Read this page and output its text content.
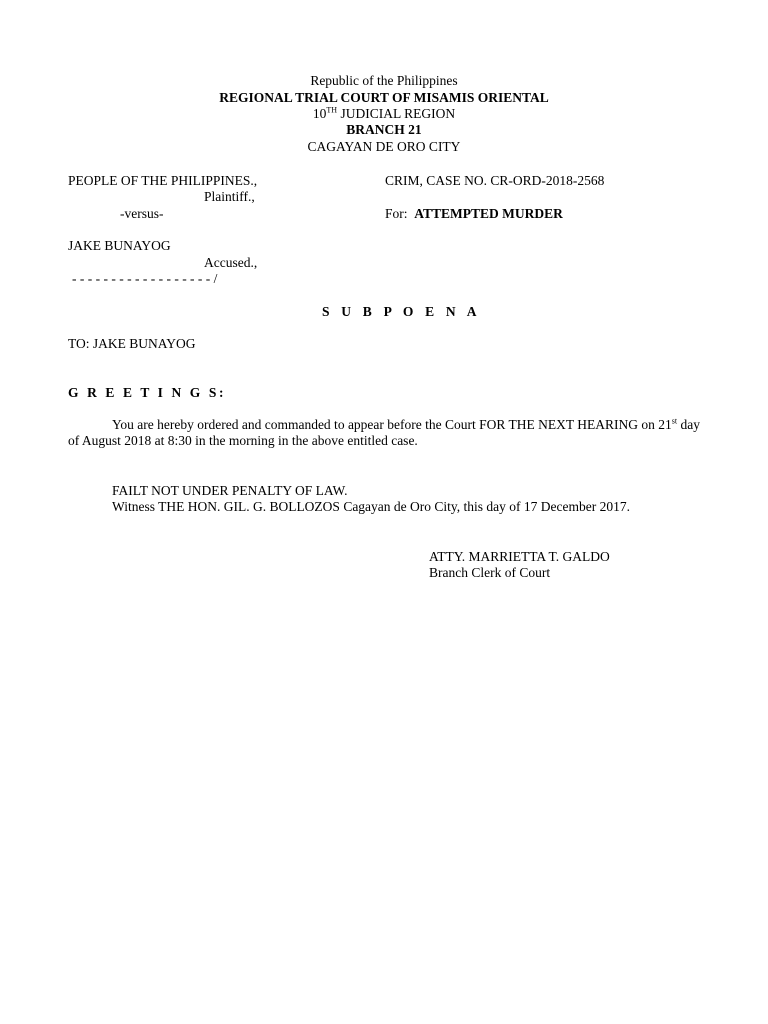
Republic of the Philippines
REGIONAL TRIAL COURT OF MISAMIS ORIENTAL
10TH JUDICIAL REGION
BRANCH 21
CAGAYAN DE ORO CITY
PEOPLE OF THE PHILIPPINES.,
Plaintiff.,
-versus-
JAKE BUNAYOG
Accused.,
- - - - - - - - - - - - - - - - - - /
CRIM, CASE NO. CR-ORD-2018-2568
For: ATTEMPTED MURDER
S U B P O E N A
TO: JAKE BUNAYOG
G R E E T I N G S:
You are hereby ordered and commanded to appear before the Court FOR THE NEXT HEARING on 21st day of August 2018 at 8:30 in the morning in the above entitled case.
FAILT NOT UNDER PENALTY OF LAW.
Witness THE HON. GIL. G. BOLLOZOS Cagayan de Oro City, this day of 17 December 2017.
ATTY. MARRIETTA T. GALDO
Branch Clerk of Court
